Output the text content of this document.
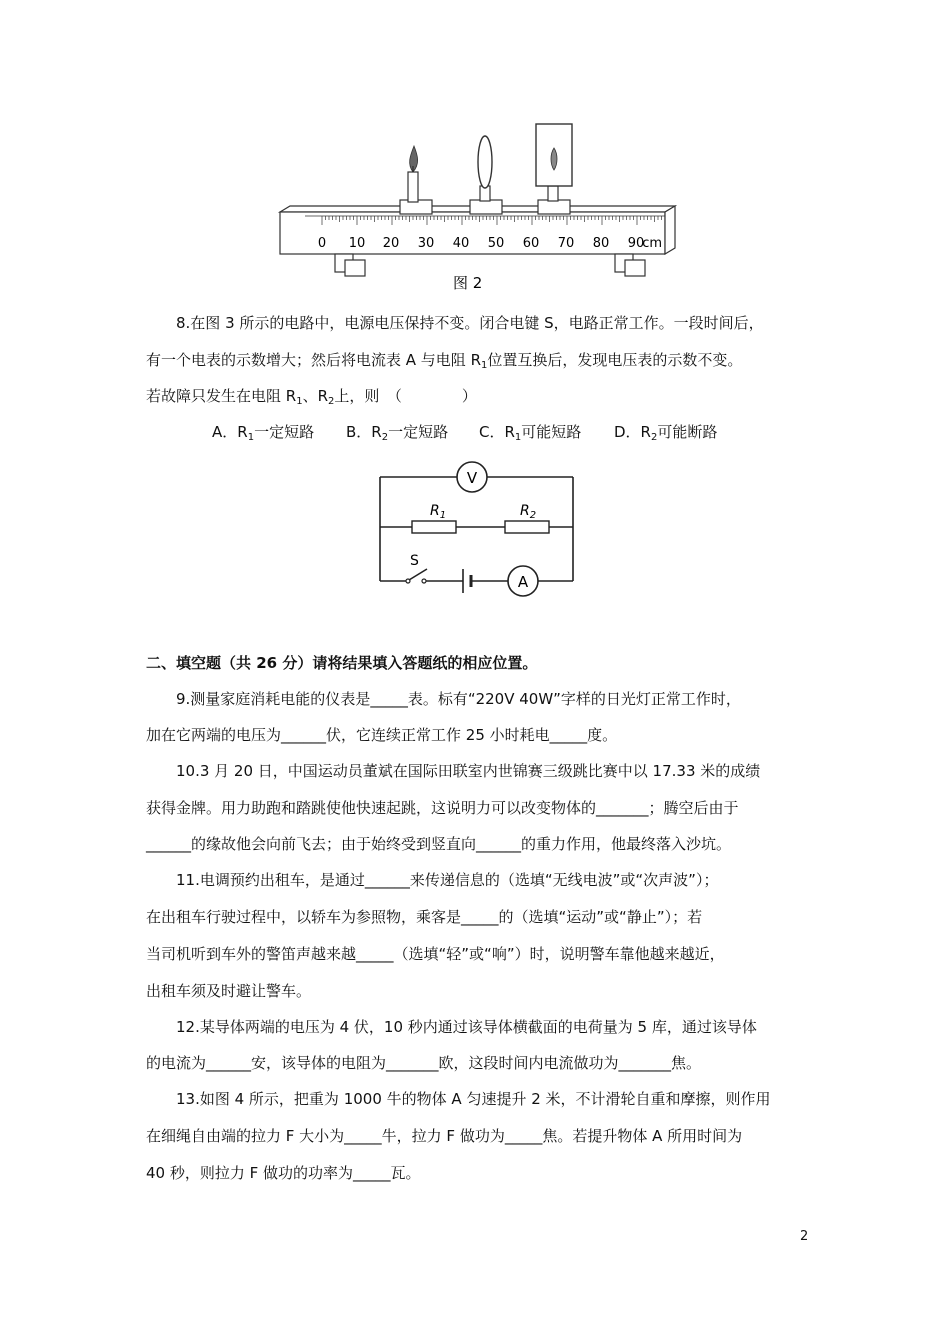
0 10 20 30 40 50 60 70 80 90
cm
图 2
8.在图 3 所示的电路中，电源电压保持不变。闭合电键 S，电路正常工作。一段时间后，
有一个电表的示数增大；然后将电流表 A 与电阻 $R_1$位置互换后，发现电压表的示数不变。
若故障只发生在电阻 $R_1$、$R_2$上，则　（　　　　）
A．$R_1$一定短路 B．$R_2$一定短路 C．$R_1$可能短路 D．$R_2$可能断路
V
$R_1$	$R_2$
S
A
二、填空题（共 26 分）请将结果填入答题纸的相应位置。
9.测量家庭消耗电能的仪表是_____表。标有“220V 40W”字样的日光灯正常工作时，
加在它两端的电压为______伏，它连续正常工作 25 小时耗电_____度。
10.3 月 20 日，中国运动员董斌在国际田联室内世锦赛三级跳比赛中以 17.33 米的成绩
获得金牌。用力助跑和踏跳使他快速起跳，这说明力可以改变物体的_______；腾空后由于
______的缘故他会向前飞去；由于始终受到竖直向______的重力作用，他最终落入沙坑。
11.电调预约出租车，是通过______来传递信息的（选填“无线电波”或“次声波”）；
在出租车行驶过程中，以轿车为参照物，乘客是_____的（选填“运动”或“静止”）；若
当司机听到车外的警笛声越来越_____（选填“轻”或“响”）时，说明警车靠他越来越近，
出租车须及时避让警车。
12.某导体两端的电压为 4 伏，10 秒内通过该导体横截面的电荷量为 5 库，通过该导体
的电流为______安，该导体的电阻为_______欧，这段时间内电流做功为_______焦。
13.如图 4 所示，把重为 1000 牛的物体 A 匀速提升 2 米，不计滑轮自重和摩擦，则作用
在细绳自由端的拉力 F 大小为_____牛，拉力 F 做功为_____焦。若提升物体 A 所用时间为
40 秒，则拉力 F 做功的功率为_____瓦。
2
